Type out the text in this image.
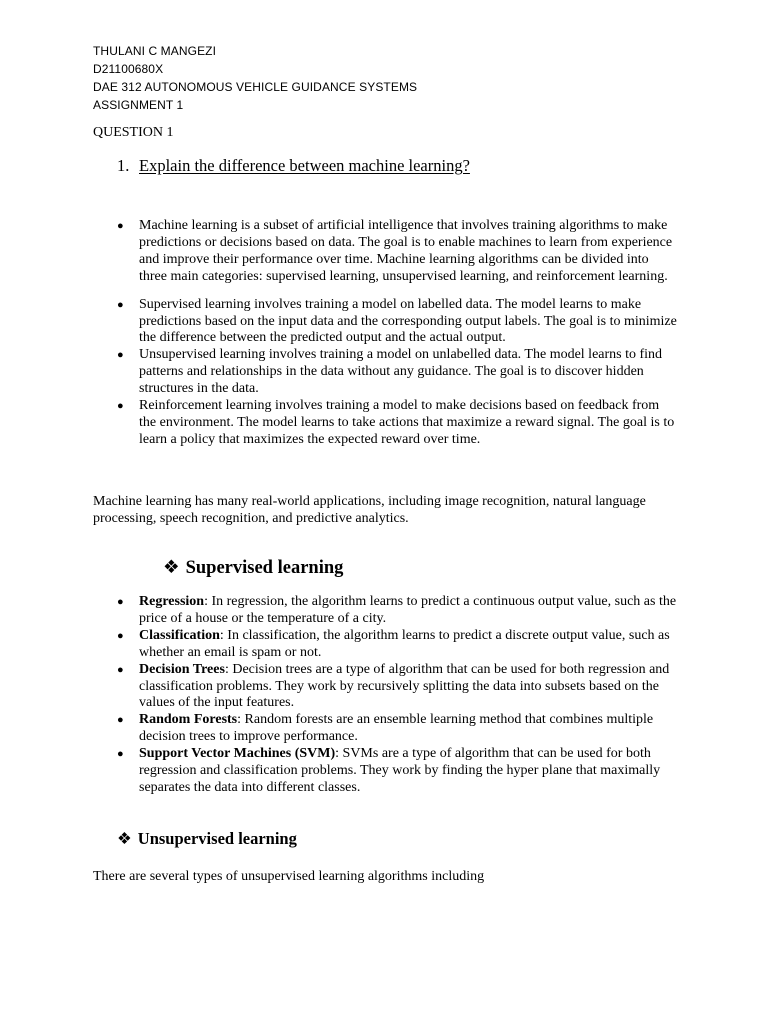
THULANI C MANGEZI
D21100680X
DAE 312 AUTONOMOUS VEHICLE GUIDANCE SYSTEMS
ASSIGNMENT 1
QUESTION 1
1. Explain the difference between machine learning?
● Machine learning is a subset of artificial intelligence that involves training algorithms to make predictions or decisions based on data. The goal is to enable machines to learn from experience and improve their performance over time. Machine learning algorithms can be divided into three main categories: supervised learning, unsupervised learning, and reinforcement learning.
● Supervised learning involves training a model on labelled data. The model learns to make predictions based on the input data and the corresponding output labels. The goal is to minimize the difference between the predicted output and the actual output.
● Unsupervised learning involves training a model on unlabelled data. The model learns to find patterns and relationships in the data without any guidance. The goal is to discover hidden structures in the data.
● Reinforcement learning involves training a model to make decisions based on feedback from the environment. The model learns to take actions that maximize a reward signal. The goal is to learn a policy that maximizes the expected reward over time.
Machine learning has many real-world applications, including image recognition, natural language processing, speech recognition, and predictive analytics.
❖ Supervised learning
● Regression: In regression, the algorithm learns to predict a continuous output value, such as the price of a house or the temperature of a city.
● Classification: In classification, the algorithm learns to predict a discrete output value, such as whether an email is spam or not.
● Decision Trees: Decision trees are a type of algorithm that can be used for both regression and classification problems. They work by recursively splitting the data into subsets based on the values of the input features.
● Random Forests: Random forests are an ensemble learning method that combines multiple decision trees to improve performance.
● Support Vector Machines (SVM): SVMs are a type of algorithm that can be used for both regression and classification problems. They work by finding the hyper plane that maximally separates the data into different classes.
❖ Unsupervised learning
There are several types of unsupervised learning algorithms including
